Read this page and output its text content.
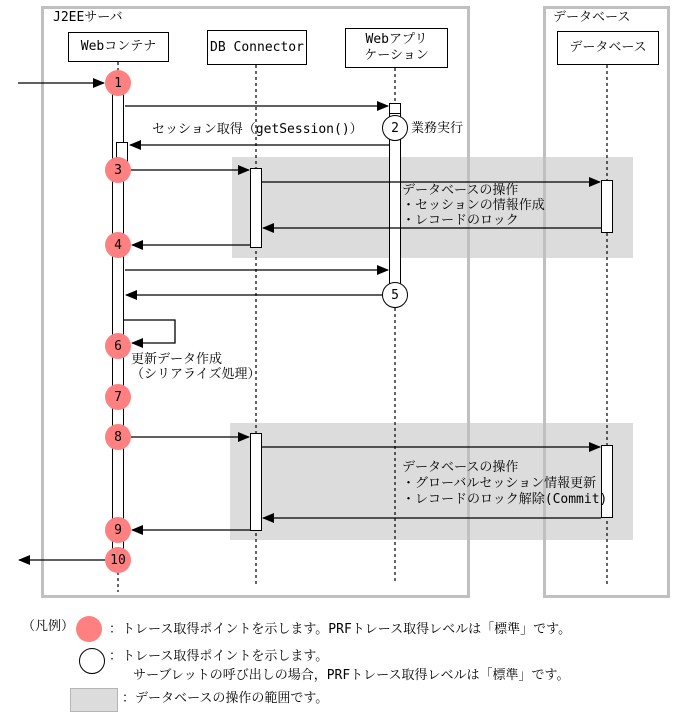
J2EEサーバ	データベース
Webコンテナ	DB Connector	Webアプリ
ケーション
データベース
1
2
3
4
5
6
7
8
9
10
セッション取得（getSession()）	業務実行
更新データ作成
（シリアライズ処理）
データベースの操作
・セッションの情報作成
・レコードのロック
データベースの操作
・グローバルセッション情報更新
・レコードのロック解除(Commit)
（凡例）	：トレース取得ポイントを示します。PRFトレース取得レベルは「標準」です。
：トレース取得ポイントを示します。
サーブレットの呼び出しの場合，PRFトレース取得レベルは「標準」です。
：データベースの操作の範囲です。
